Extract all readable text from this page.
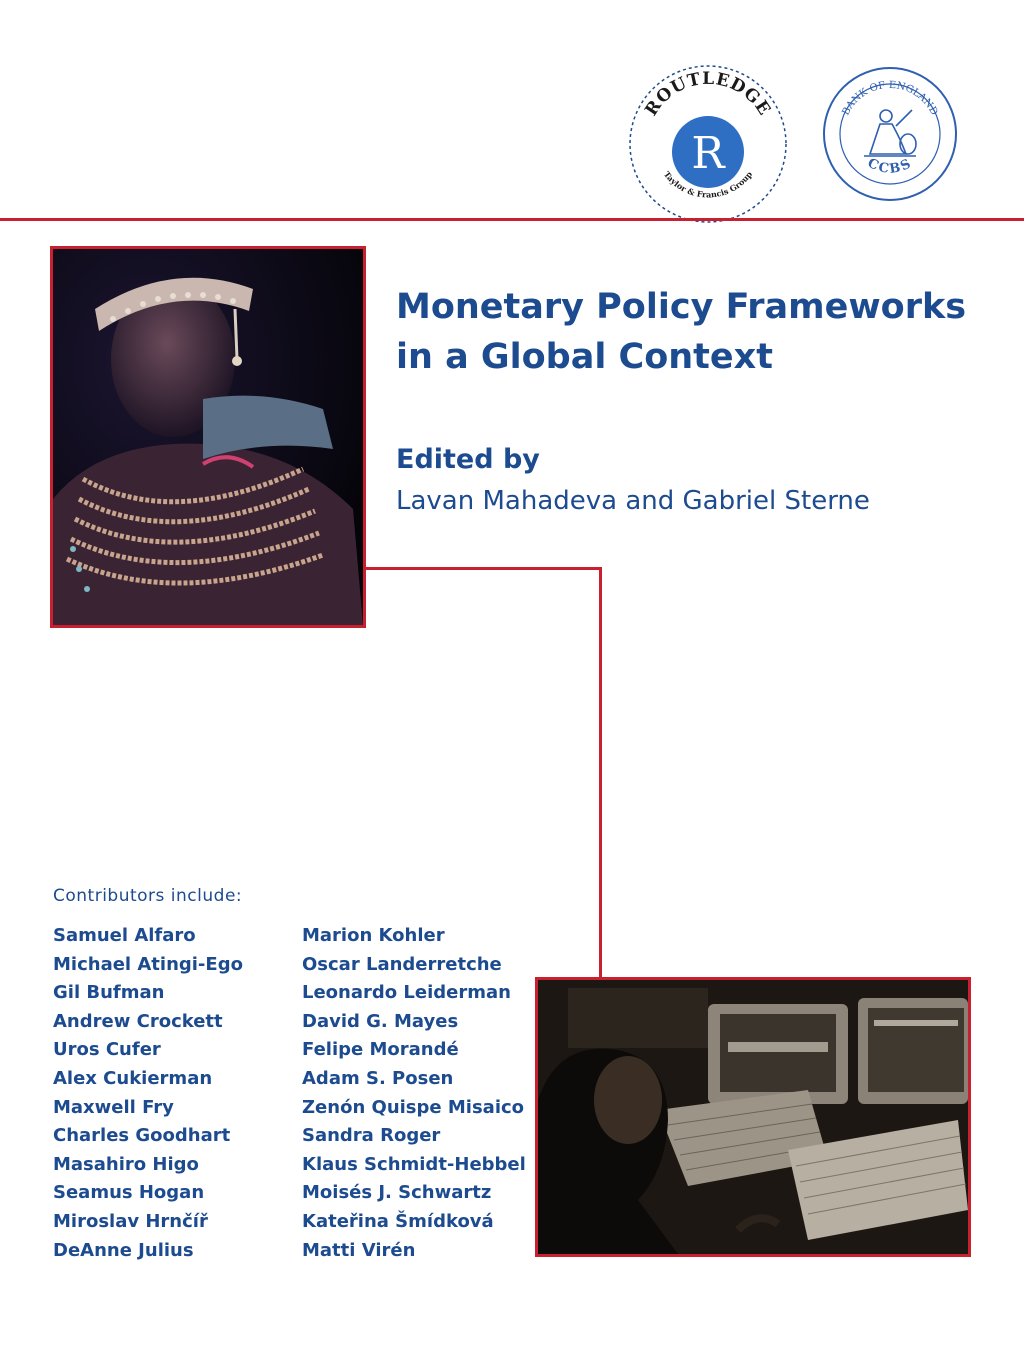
ROUTLEDGE
Taylor & Francis Group
R
BANK OF ENGLAND
CCBS
Monetary Policy Frameworks
in a Global Context
Edited by
Lavan Mahadeva and Gabriel Sterne
Contributors include:
Samuel Alfaro
Michael Atingi-Ego
Gil Bufman
Andrew Crockett
Uros Cufer
Alex Cukierman
Maxwell Fry
Charles Goodhart
Masahiro Higo
Seamus Hogan
Miroslav Hrnčíř
DeAnne Julius
Marion Kohler
Oscar Landerretche
Leonardo Leiderman
David G. Mayes
Felipe Morandé
Adam S. Posen
Zenón Quispe Misaico
Sandra Roger
Klaus Schmidt-Hebbel
Moisés J. Schwartz
Kateřina Šmídková
Matti Virén
